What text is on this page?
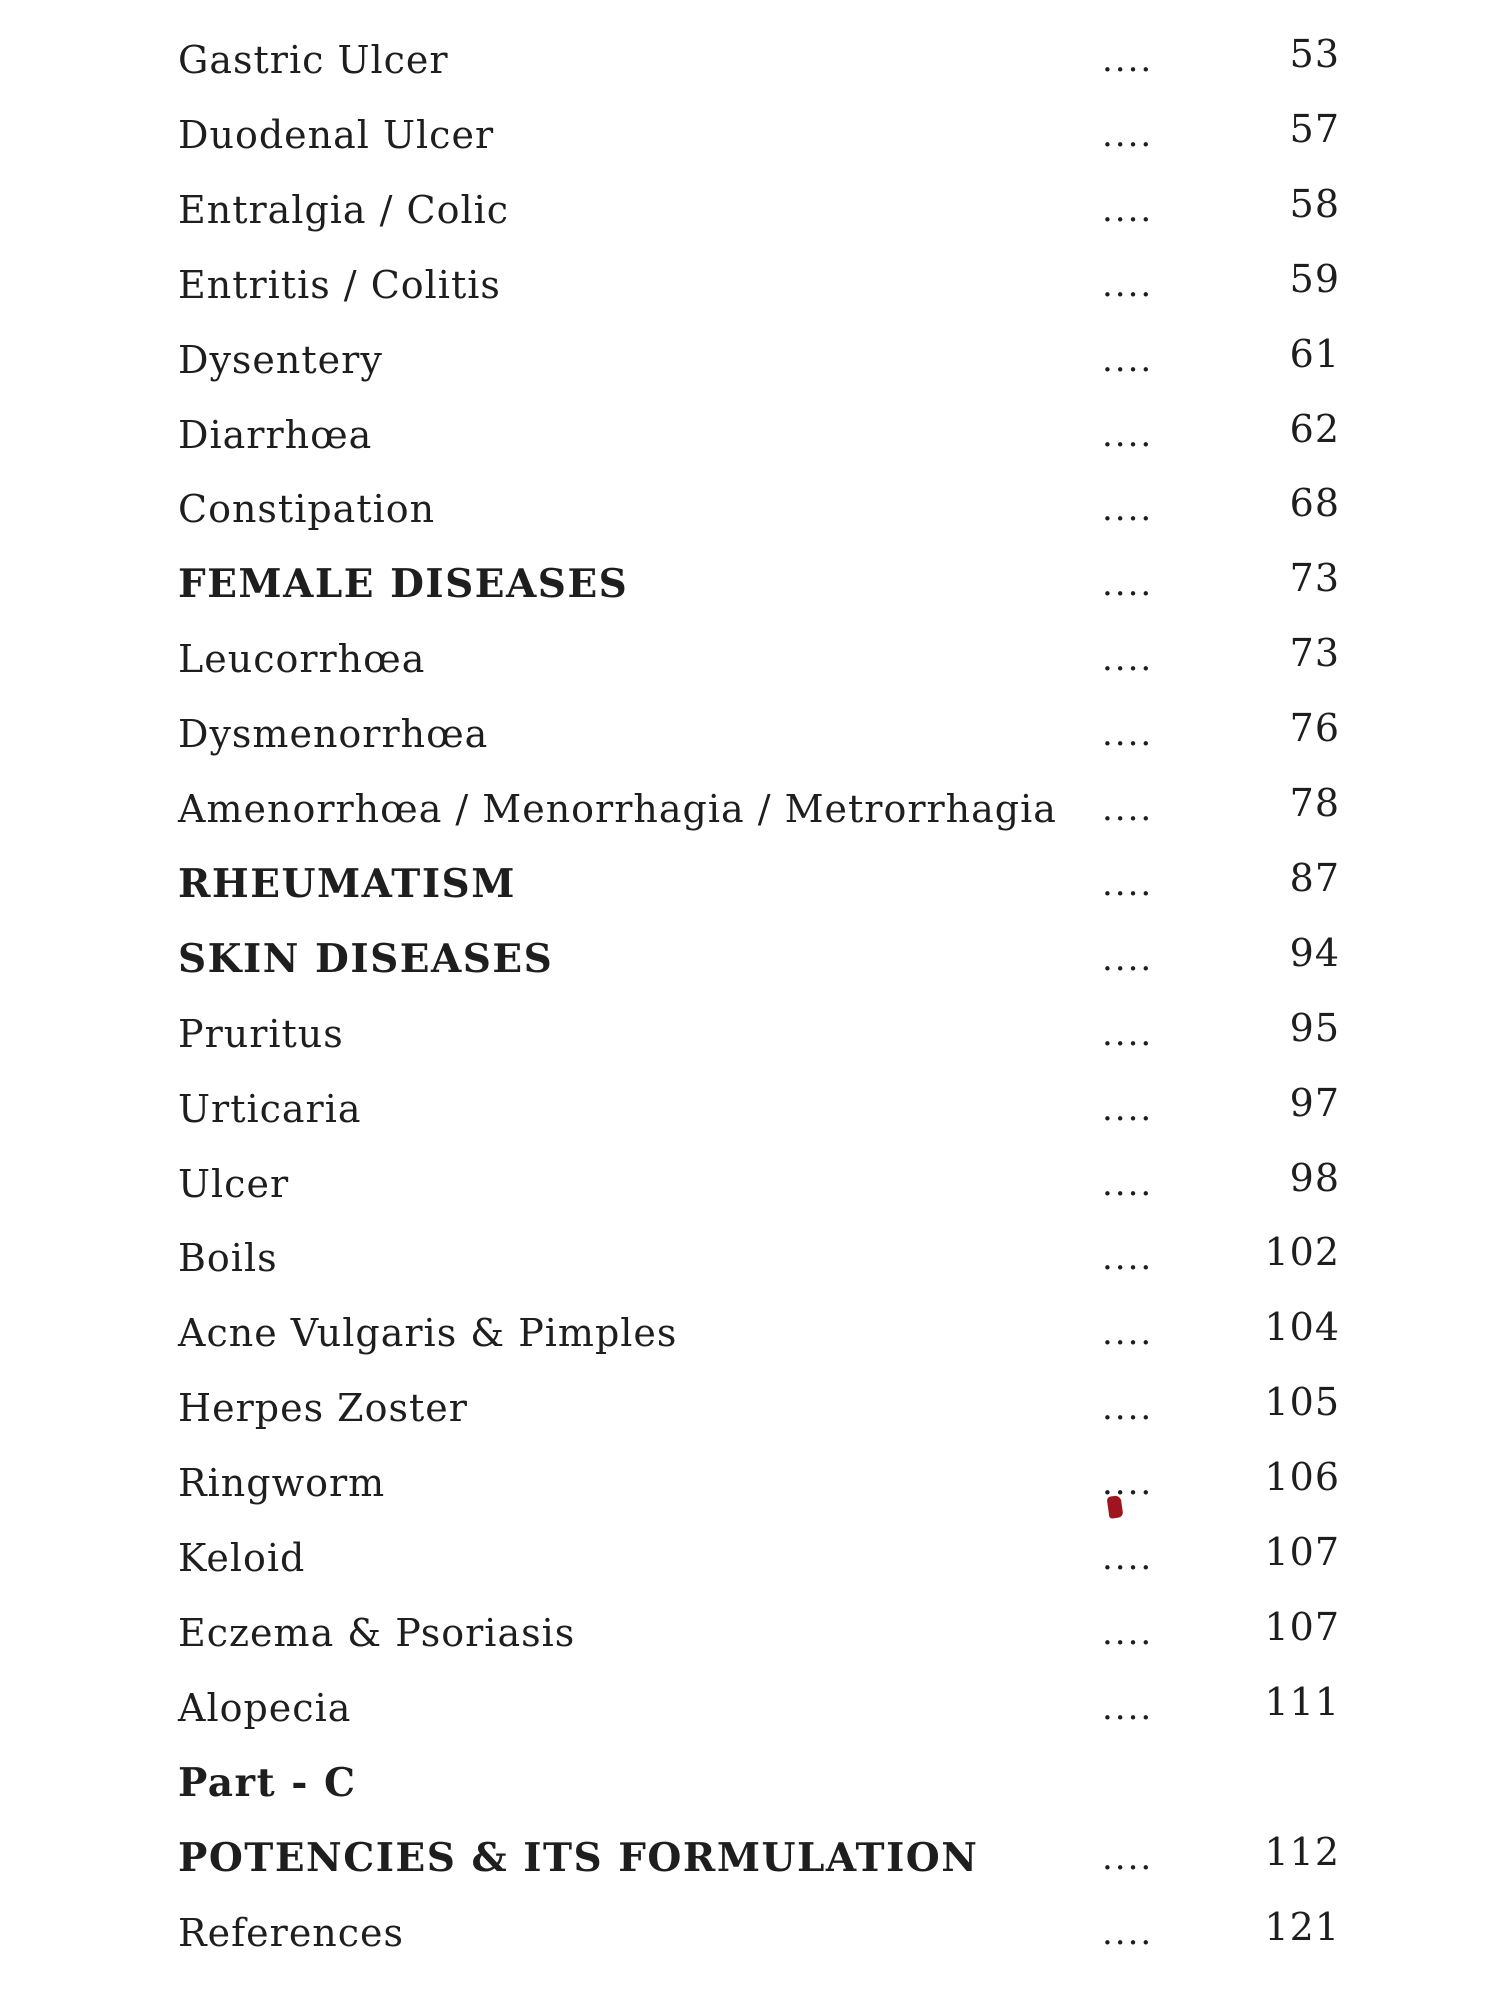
Gastric Ulcer	....	53
Duodenal Ulcer	....	57
Entralgia / Colic	....	58
Entritis / Colitis	....	59
Dysentery	....	61
Diarrhœa	....	62
Constipation	....	68
FEMALE DISEASES	....	73
Leucorrhœa	....	73
Dysmenorrhœa	....	76
Amenorrhœa / Menorrhagia / Metrorrhagia ....	78
RHEUMATISM	....	87
SKIN DISEASES	....	94
Pruritus	....	95
Urticaria	....	97
Ulcer	....	98
Boils	....	102
Acne Vulgaris & Pimples	....	104
Herpes Zoster	....	105
Ringworm	....	106
Keloid	....	107
Eczema & Psoriasis	....	107
Alopecia	....	111
Part - C
POTENCIES & ITS FORMULATION	....	112
References	....	121
